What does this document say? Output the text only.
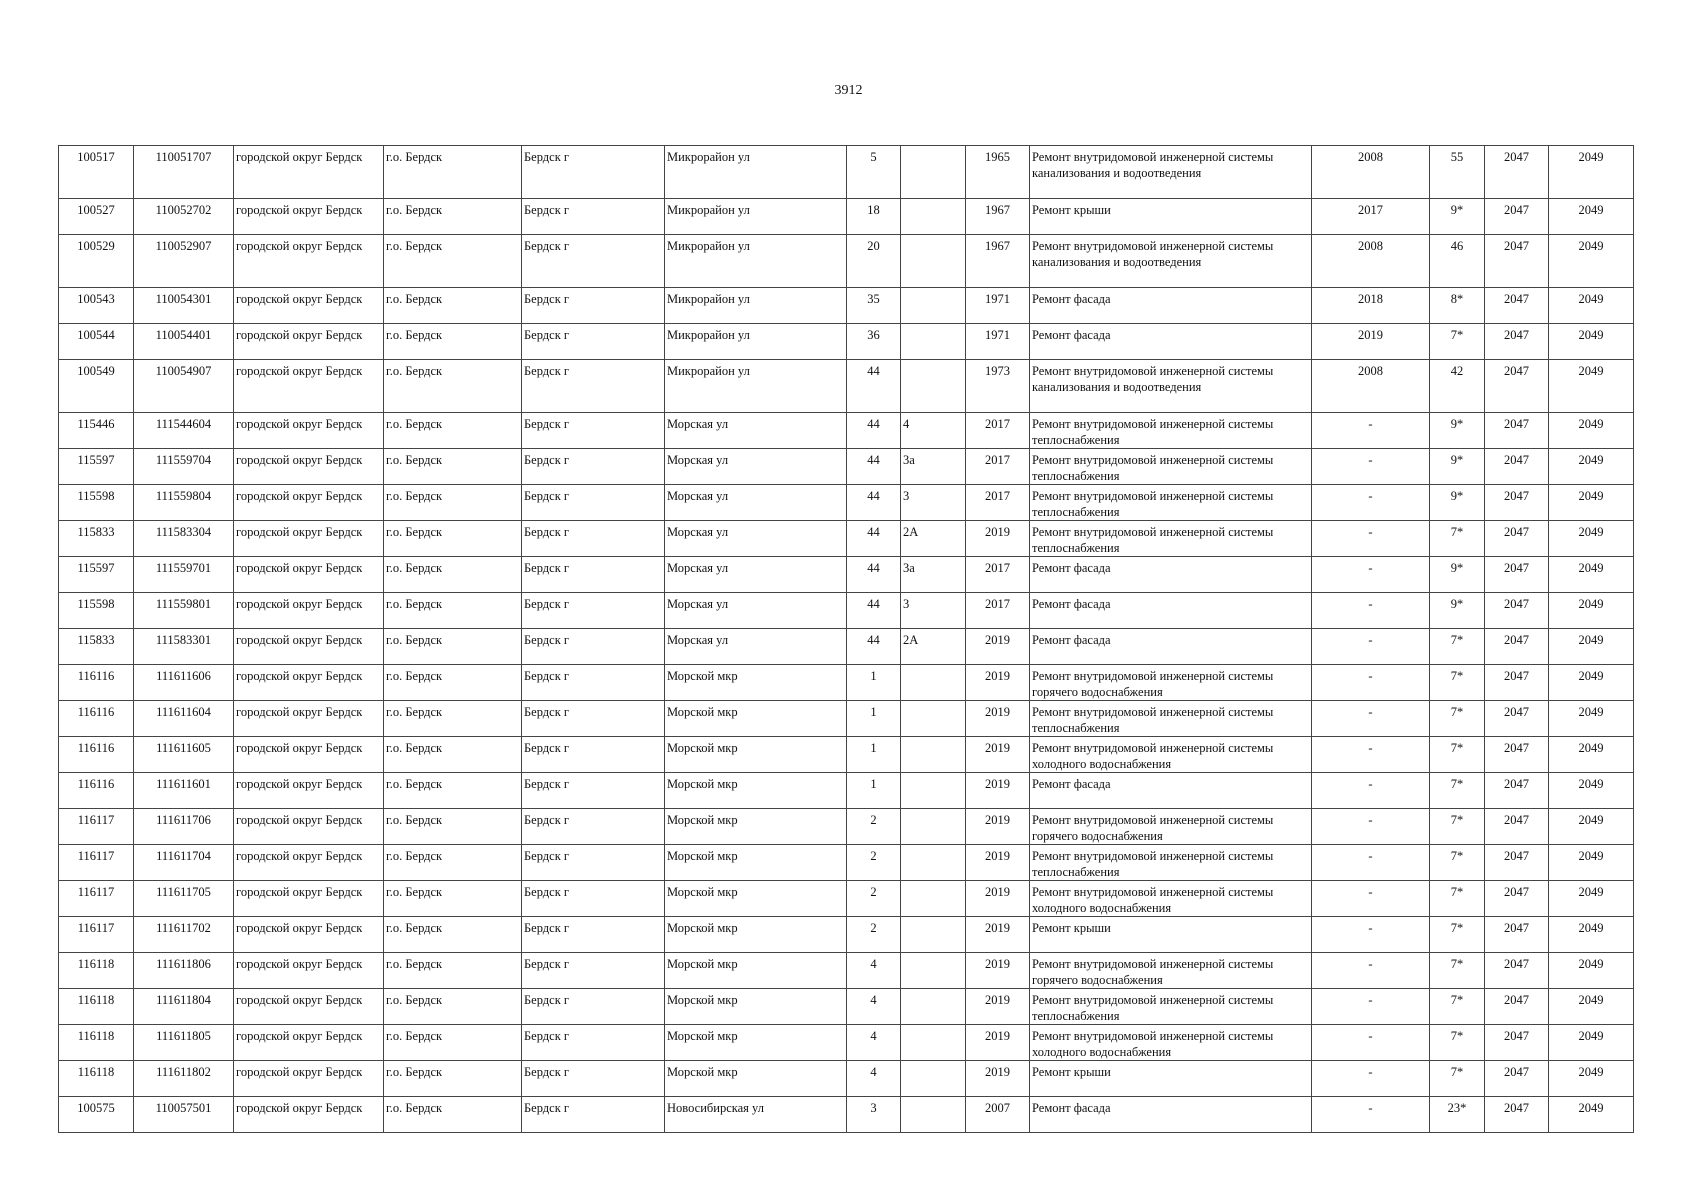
3912
100517	110051707	городской округ Бердск	г.о. Бердск	Бердск г	Микрорайон ул	5		1965	Ремонт внутридомовой инженерной системы канализования и водоотведения	2008	55	2047	2049
100527	110052702	городской округ Бердск	г.о. Бердск	Бердск г	Микрорайон ул	18		1967	Ремонт крыши	2017	9*	2047	2049
100529	110052907	городской округ Бердск	г.о. Бердск	Бердск г	Микрорайон ул	20		1967	Ремонт внутридомовой инженерной системы канализования и водоотведения	2008	46	2047	2049
100543	110054301	городской округ Бердск	г.о. Бердск	Бердск г	Микрорайон ул	35		1971	Ремонт фасада	2018	8*	2047	2049
100544	110054401	городской округ Бердск	г.о. Бердск	Бердск г	Микрорайон ул	36		1971	Ремонт фасада	2019	7*	2047	2049
100549	110054907	городской округ Бердск	г.о. Бердск	Бердск г	Микрорайон ул	44		1973	Ремонт внутридомовой инженерной системы канализования и водоотведения	2008	42	2047	2049
115446	111544604	городской округ Бердск	г.о. Бердск	Бердск г	Морская ул	44	4	2017	Ремонт внутридомовой инженерной системы теплоснабжения	-	9*	2047	2049
115597	111559704	городской округ Бердск	г.о. Бердск	Бердск г	Морская ул	44	3а	2017	Ремонт внутридомовой инженерной системы теплоснабжения	-	9*	2047	2049
115598	111559804	городской округ Бердск	г.о. Бердск	Бердск г	Морская ул	44	3	2017	Ремонт внутридомовой инженерной системы теплоснабжения	-	9*	2047	2049
115833	111583304	городской округ Бердск	г.о. Бердск	Бердск г	Морская ул	44	2А	2019	Ремонт внутридомовой инженерной системы теплоснабжения	-	7*	2047	2049
115597	111559701	городской округ Бердск	г.о. Бердск	Бердск г	Морская ул	44	3а	2017	Ремонт фасада	-	9*	2047	2049
115598	111559801	городской округ Бердск	г.о. Бердск	Бердск г	Морская ул	44	3	2017	Ремонт фасада	-	9*	2047	2049
115833	111583301	городской округ Бердск	г.о. Бердск	Бердск г	Морская ул	44	2А	2019	Ремонт фасада	-	7*	2047	2049
116116	111611606	городской округ Бердск	г.о. Бердск	Бердск г	Морской мкр	1		2019	Ремонт внутридомовой инженерной системы горячего водоснабжения	-	7*	2047	2049
116116	111611604	городской округ Бердск	г.о. Бердск	Бердск г	Морской мкр	1		2019	Ремонт внутридомовой инженерной системы теплоснабжения	-	7*	2047	2049
116116	111611605	городской округ Бердск	г.о. Бердск	Бердск г	Морской мкр	1		2019	Ремонт внутридомовой инженерной системы холодного водоснабжения	-	7*	2047	2049
116116	111611601	городской округ Бердск	г.о. Бердск	Бердск г	Морской мкр	1		2019	Ремонт фасада	-	7*	2047	2049
116117	111611706	городской округ Бердск	г.о. Бердск	Бердск г	Морской мкр	2		2019	Ремонт внутридомовой инженерной системы горячего водоснабжения	-	7*	2047	2049
116117	111611704	городской округ Бердск	г.о. Бердск	Бердск г	Морской мкр	2		2019	Ремонт внутридомовой инженерной системы теплоснабжения	-	7*	2047	2049
116117	111611705	городской округ Бердск	г.о. Бердск	Бердск г	Морской мкр	2		2019	Ремонт внутридомовой инженерной системы холодного водоснабжения	-	7*	2047	2049
116117	111611702	городской округ Бердск	г.о. Бердск	Бердск г	Морской мкр	2		2019	Ремонт крыши	-	7*	2047	2049
116118	111611806	городской округ Бердск	г.о. Бердск	Бердск г	Морской мкр	4		2019	Ремонт внутридомовой инженерной системы горячего водоснабжения	-	7*	2047	2049
116118	111611804	городской округ Бердск	г.о. Бердск	Бердск г	Морской мкр	4		2019	Ремонт внутридомовой инженерной системы теплоснабжения	-	7*	2047	2049
116118	111611805	городской округ Бердск	г.о. Бердск	Бердск г	Морской мкр	4		2019	Ремонт внутридомовой инженерной системы холодного водоснабжения	-	7*	2047	2049
116118	111611802	городской округ Бердск	г.о. Бердск	Бердск г	Морской мкр	4		2019	Ремонт крыши	-	7*	2047	2049
100575	110057501	городской округ Бердск	г.о. Бердск	Бердск г	Новосибирская ул	3		2007	Ремонт фасада	-	23*	2047	2049
